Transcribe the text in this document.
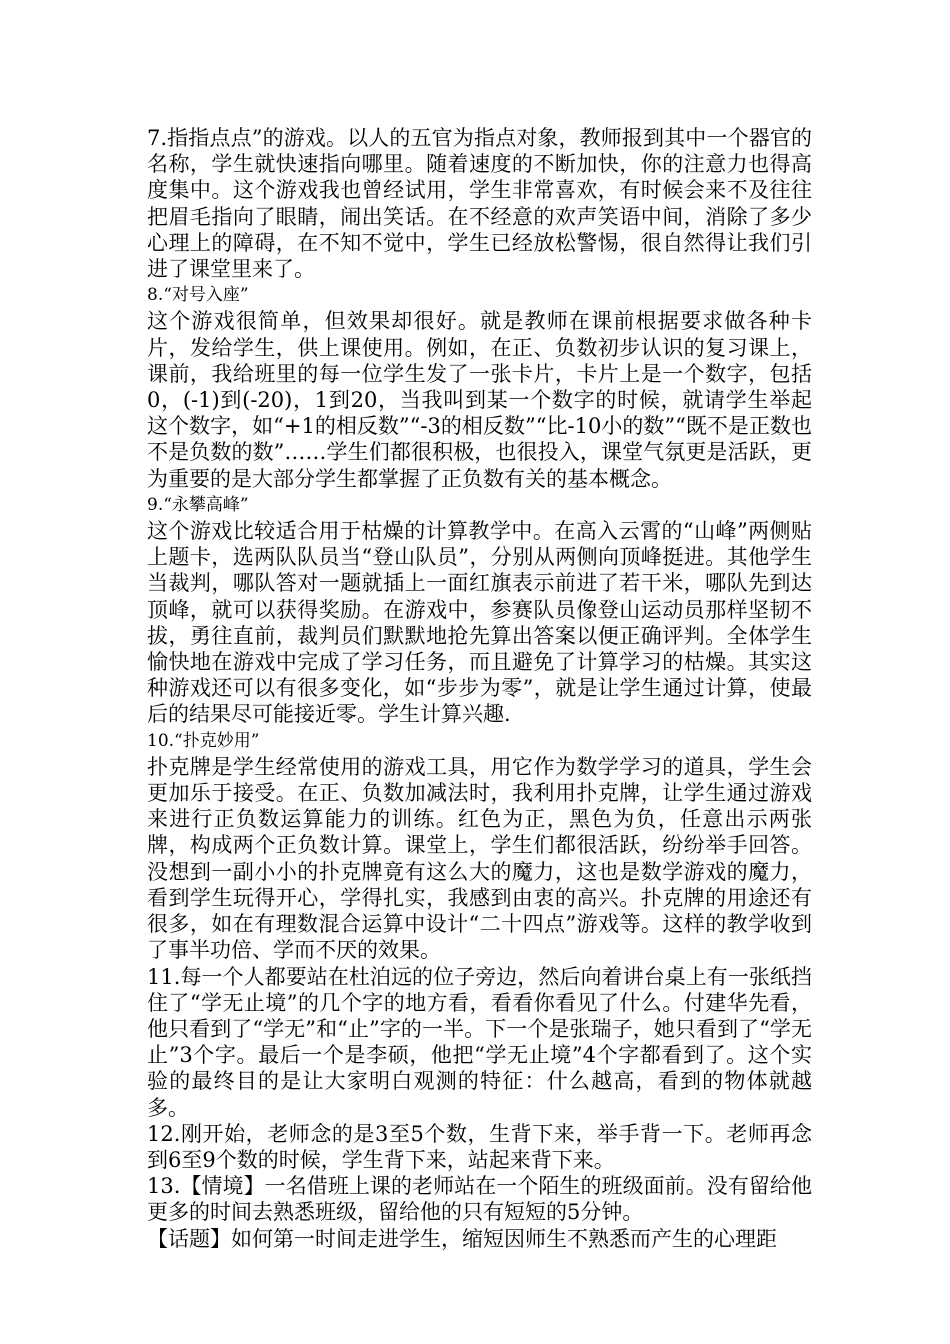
7.指指点点”的游戏。以人的五官为指点对象，教师报到其中一个器官的名称，学生就快速指向哪里。随着速度的不断加快，你的注意力也得高度集中。这个游戏我也曾经试用，学生非常喜欢，有时候会来不及往往把眉毛指向了眼睛，闹出笑话。在不经意的欢声笑语中间，消除了多少心理上的障碍，在不知不觉中，学生已经放松警惕，很自然得让我们引进了课堂里来了。

8.“对号入座”

这个游戏很简单，但效果却很好。就是教师在课前根据要求做各种卡片，发给学生，供上课使用。例如，在正、负数初步认识的复习课上，课前，我给班里的每一位学生发了一张卡片，卡片上是一个数字，包括0，(-1)到(-20)，1到20，当我叫到某一个数字的时候，就请学生举起这个数字，如“+1的相反数”“-3的相反数”“比-10小的数”“既不是正数也不是负数的数”……学生们都很积极，也很投入，课堂气氛更是活跃，更为重要的是大部分学生都掌握了正负数有关的基本概念。

9.“永攀高峰”

这个游戏比较适合用于枯燥的计算教学中。在高入云霄的“山峰”两侧贴上题卡，选两队队员当“登山队员”，分别从两侧向顶峰挺进。其他学生当裁判，哪队答对一题就插上一面红旗表示前进了若干米，哪队先到达顶峰，就可以获得奖励。在游戏中，参赛队员像登山运动员那样坚韧不拔，勇往直前，裁判员们默默地抢先算出答案以便正确评判。全体学生愉快地在游戏中完成了学习任务，而且避免了计算学习的枯燥。其实这种游戏还可以有很多变化，如“步步为零”，就是让学生通过计算，使最后的结果尽可能接近零。学生计算兴趣.

10.“扑克妙用”

扑克牌是学生经常使用的游戏工具，用它作为数学学习的道具，学生会更加乐于接受。在正、负数加减法时，我利用扑克牌，让学生通过游戏来进行正负数运算能力的训练。红色为正，黑色为负，任意出示两张牌，构成两个正负数计算。课堂上，学生们都很活跃，纷纷举手回答。没想到一副小小的扑克牌竟有这么大的魔力，这也是数学游戏的魔力，看到学生玩得开心，学得扎实，我感到由衷的高兴。扑克牌的用途还有很多，如在有理数混合运算中设计“二十四点”游戏等。这样的教学收到了事半功倍、学而不厌的效果。

11.每一个人都要站在杜泊远的位子旁边，然后向着讲台桌上有一张纸挡住了“学无止境”的几个字的地方看，看看你看见了什么。付建华先看，他只看到了“学无”和“止”字的一半。下一个是张瑞子，她只看到了“学无止”3个字。最后一个是李硕，他把“学无止境”4个字都看到了。这个实验的最终目的是让大家明白观测的特征：什么越高，看到的物体就越多。

12.刚开始，老师念的是3至5个数，生背下来，举手背一下。老师再念到6至9个数的时候，学生背下来，站起来背下来。

13.【情境】一名借班上课的老师站在一个陌生的班级面前。没有留给他更多的时间去熟悉班级，留给他的只有短短的5分钟。

【话题】如何第一时间走进学生，缩短因师生不熟悉而产生的心理距
